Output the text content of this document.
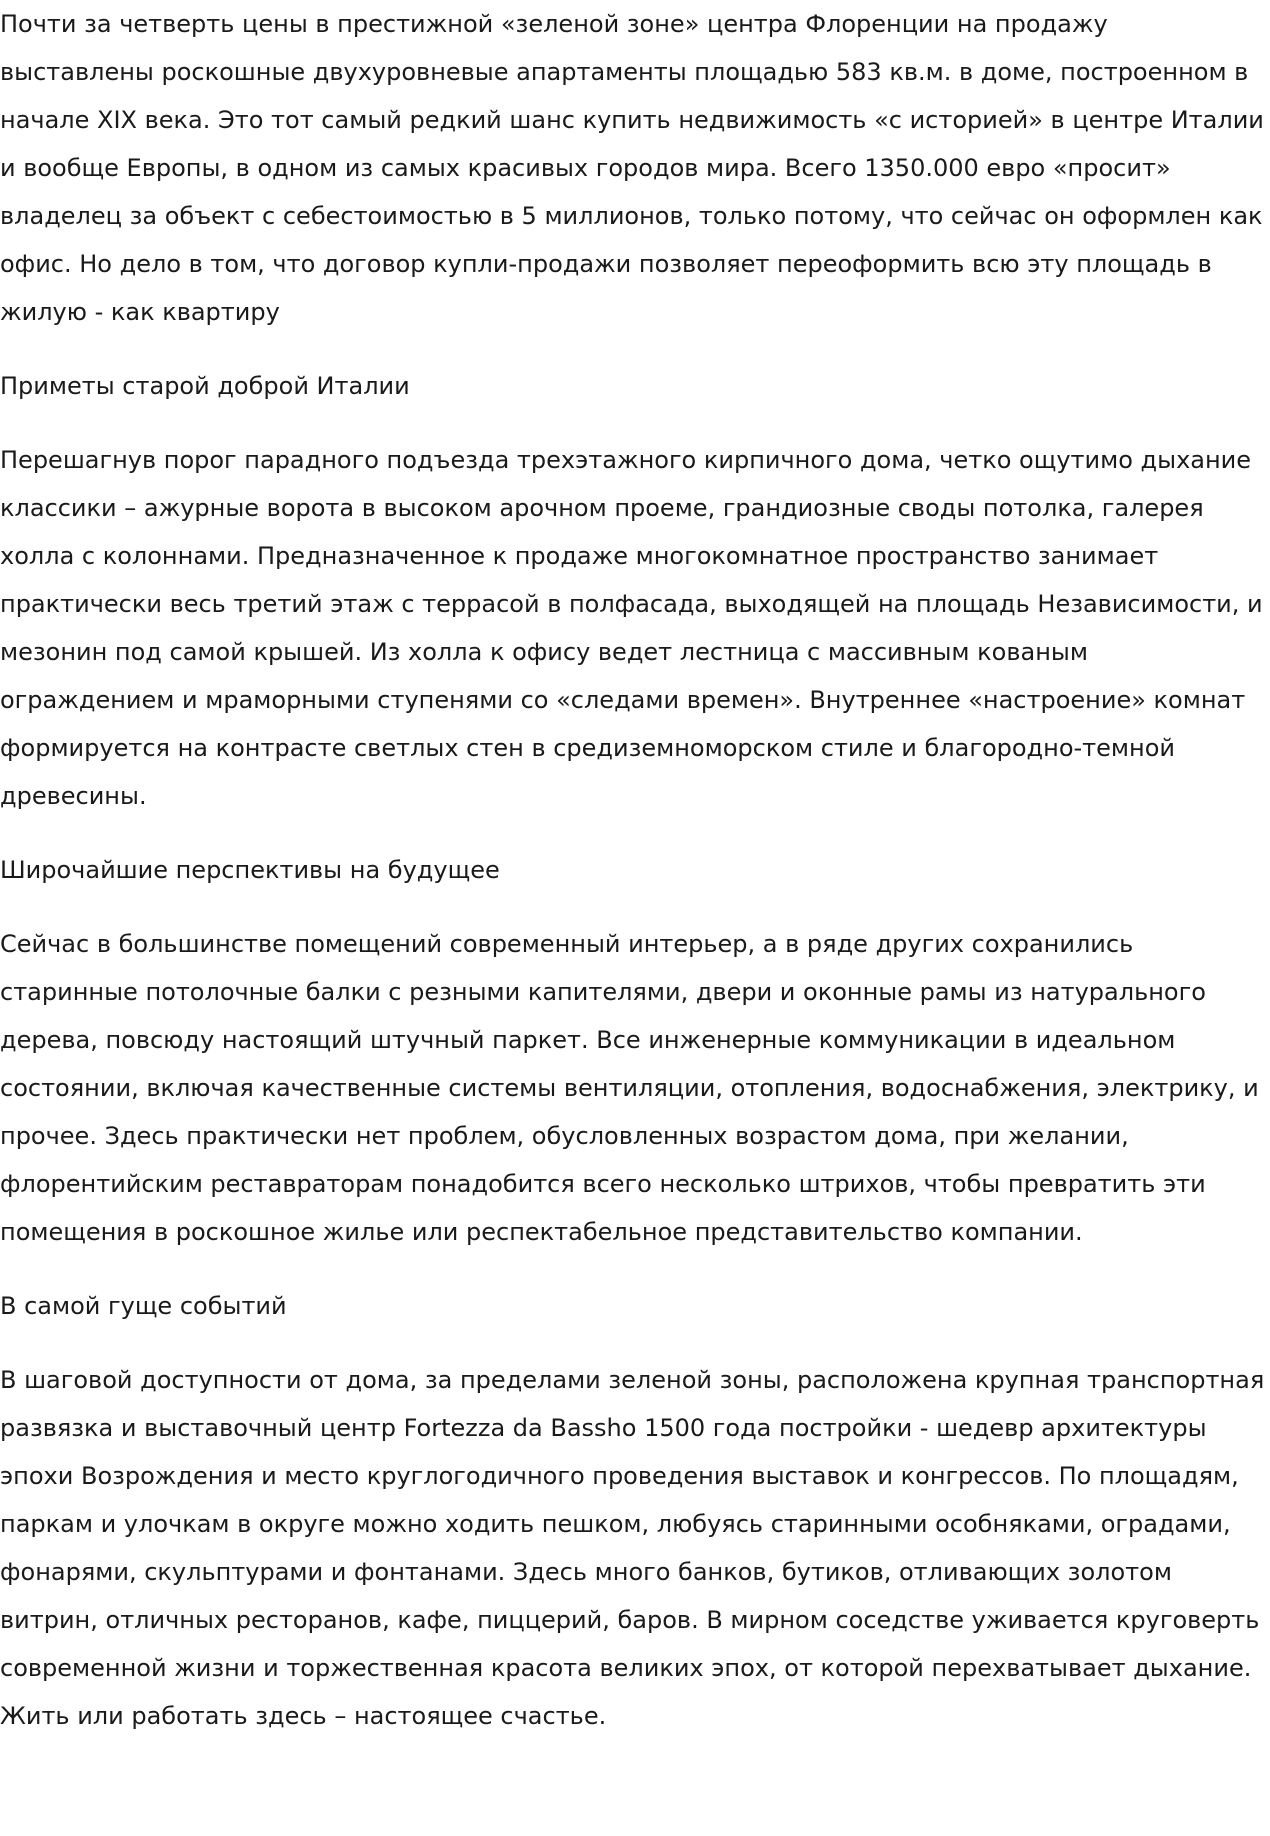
Почти за четверть цены в престижной «зеленой зоне» центра Флоренции на продажу выставлены роскошные двухуровневые апартаменты площадью 583 кв.м. в доме, построенном в начале XIX века. Это тот самый редкий шанс купить недвижимость «с историей» в центре Италии и вообще Европы, в одном из самых красивых городов мира. Всего 1350.000 евро «просит» владелец за объект с себестоимостью в 5 миллионов, только потому, что сейчас он оформлен как офис. Но дело в том, что договор купли-продажи позволяет переоформить всю эту площадь в жилую - как квартиру

Приметы старой доброй Италии

Перешагнув порог парадного подъезда трехэтажного кирпичного дома, четко ощутимо дыхание классики – ажурные ворота в высоком арочном проеме, грандиозные своды потолка, галерея холла с колоннами. Предназначенное к продаже многокомнатное пространство занимает практически весь третий этаж с террасой в полфасада, выходящей на площадь Независимости, и мезонин под самой крышей. Из холла к офису ведет лестница с массивным кованым ограждением и мраморными ступенями со «следами времен». Внутреннее «настроение» комнат формируется на контрасте светлых стен в средиземноморском стиле и благородно-темной древесины.

Широчайшие перспективы на будущее

Сейчас в большинстве помещений современный интерьер, а в ряде других сохранились старинные потолочные балки с резными капителями, двери и оконные рамы из натурального дерева, повсюду настоящий штучный паркет. Все инженерные коммуникации в идеальном состоянии, включая качественные системы вентиляции, отопления, водоснабжения, электрику, и прочее. Здесь практически нет проблем, обусловленных возрастом дома, при желании, флорентийским реставраторам понадобится всего несколько штрихов, чтобы превратить эти помещения в роскошное жилье или респектабельное представительство компании.

В самой гуще событий

В шаговой доступности от дома, за пределами зеленой зоны, расположена крупная транспортная развязка и выставочный центр Fortezza da Bassho 1500 года постройки - шедевр архитектуры эпохи Возрождения и место круглогодичного проведения выставок и конгрессов. По площадям, паркам и улочкам в округе можно ходить пешком, любуясь старинными особняками, оградами, фонарями, скульптурами и фонтанами. Здесь много банков, бутиков, отливающих золотом витрин, отличных ресторанов, кафе, пиццерий, баров. В мирном соседстве уживается круговерть современной жизни и торжественная красота великих эпох, от которой перехватывает дыхание. Жить или работать здесь – настоящее счастье.
